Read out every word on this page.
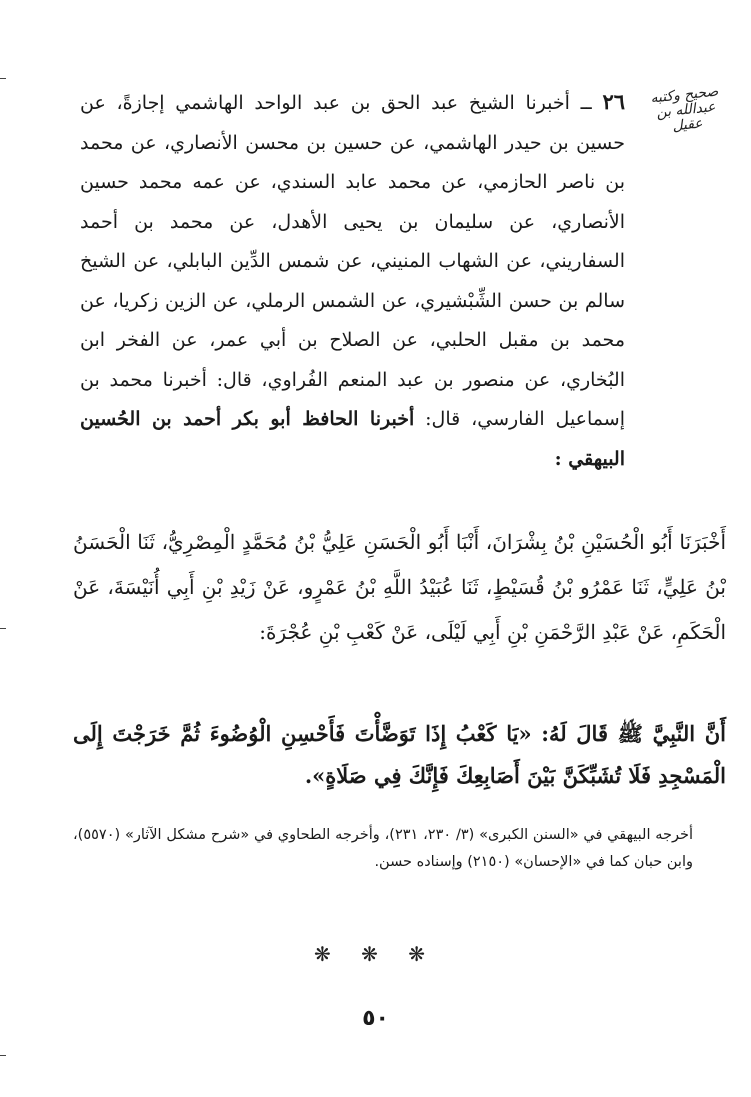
صحيح وكتبه عبدالله بن عقيل

٢٦ ــ أخبرنا الشيخ عبد الحق بن عبد الواحد الهاشمي إجازةً، عن حسين بن حيدر الهاشمي، عن حسين بن محسن الأنصاري، عن محمد بن ناصر الحازمي، عن محمد عابد السندي، عن عمه محمد حسين الأنصاري، عن سليمان بن يحيى الأهدل، عن محمد بن أحمد السفاريني، عن الشهاب المنيني، عن شمس الدِّين البابلي، عن الشيخ سالم بن حسن الشِّبْشيري، عن الشمس الرملي، عن الزين زكريا، عن محمد بن مقبل الحلبي، عن الصلاح بن أبي عمر، عن الفخر ابن البُخاري، عن منصور بن عبد المنعم الفُراوي، قال: أخبرنا محمد بن إسماعيل الفارسي، قال: أخبرنا الحافظ أبو بكر أحمد بن الحُسين البيهقي :

أَخْبَرَنَا أَبُو الْحُسَيْنِ بْنُ بِشْرَانَ، أَنْبَا أَبُو الْحَسَنِ عَلِيُّ بْنُ مُحَمَّدٍ الْمِصْرِيُّ، ثَنَا الْحَسَنُ بْنُ عَلِيٍّ، ثَنَا عَمْرُو بْنُ قُسَيْطٍ، ثَنَا عُبَيْدُ اللَّهِ بْنُ عَمْرٍو، عَنْ زَيْدِ بْنِ أَبِي أُنَيْسَةَ، عَنْ الْحَكَمِ، عَنْ عَبْدِ الرَّحْمَنِ بْنِ أَبِي لَيْلَى، عَنْ كَعْبِ بْنِ عُجْرَةَ:
أَنَّ النَّبِيَّ ﷺ قَالَ لَهُ: «يَا كَعْبُ إِذَا تَوَضَّأْتَ فَأَحْسِنِ الْوُضُوءَ ثُمَّ خَرَجْتَ إِلَى الْمَسْجِدِ فَلَا تُشَبِّكَنَّ بَيْنَ أَصَابِعِكَ فَإِنَّكَ فِي صَلَاةٍ».
أخرجه البيهقي في «السنن الكبرى» (٣/ ٢٣٠، ٢٣١)، وأخرجه الطحاوي في «شرح مشكل الآثار» (٥٥٧٠)، وابن حبان كما في «الإحسان» (٢١٥٠) وإسناده حسن.
❋ ❋ ❋
٥٠
